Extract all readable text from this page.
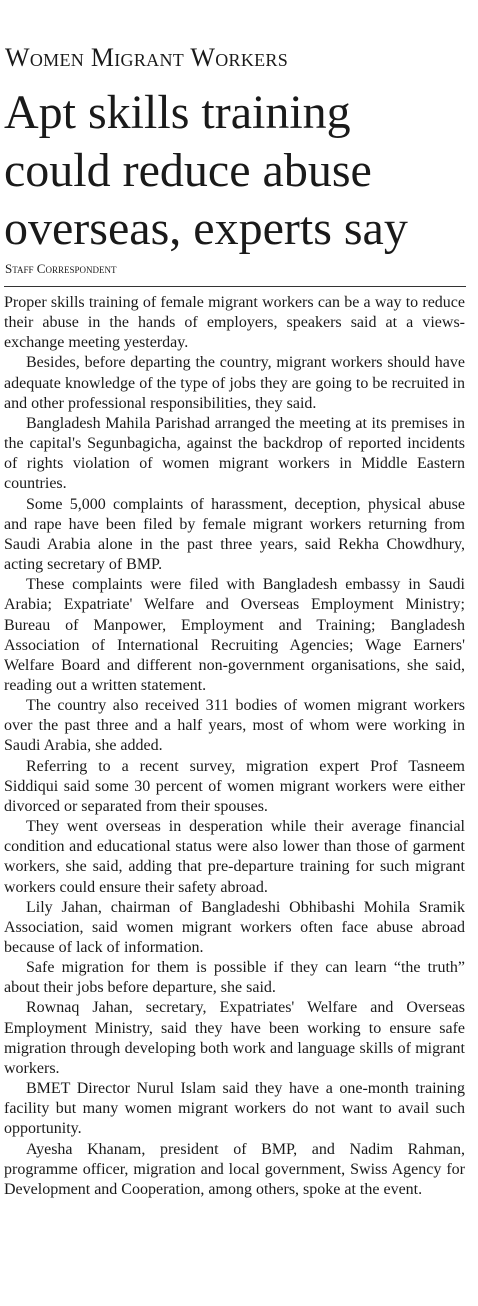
Women Migrant Workers
Apt skills training
could reduce abuse
overseas, experts say
Staff Correspondent

Proper skills training of female migrant workers can be a way to reduce their abuse in the hands of employers, speakers said at a views-exchange meeting yesterday.

Besides, before departing the country, migrant workers should have adequate knowledge of the type of jobs they are going to be recruited in and other professional responsibilities, they said.

Bangladesh Mahila Parishad arranged the meeting at its premises in the capital's Segunbagicha, against the backdrop of reported incidents of rights violation of women migrant workers in Middle Eastern countries.

Some 5,000 complaints of harassment, deception, physical abuse and rape have been filed by female migrant workers returning from Saudi Arabia alone in the past three years, said Rekha Chowdhury, acting secretary of BMP.

These complaints were filed with Bangladesh embassy in Saudi Arabia; Expatriate' Welfare and Overseas Employment Ministry; Bureau of Manpower, Employment and Training; Bangladesh Association of International Recruiting Agencies; Wage Earners' Welfare Board and different non-government organisations, she said, reading out a written statement.

The country also received 311 bodies of women migrant workers over the past three and a half years, most of whom were working in Saudi Arabia, she added.

Referring to a recent survey, migration expert Prof Tasneem Siddiqui said some 30 percent of women migrant workers were either divorced or separated from their spouses.

They went overseas in desperation while their average financial condition and educational status were also lower than those of garment workers, she said, adding that pre-departure training for such migrant workers could ensure their safety abroad.

Lily Jahan, chairman of Bangladeshi Obhibashi Mohila Sramik Association, said women migrant workers often face abuse abroad because of lack of information.

Safe migration for them is possible if they can learn “the truth” about their jobs before departure, she said.

Rownaq Jahan, secretary, Expatriates' Welfare and Overseas Employment Ministry, said they have been working to ensure safe migration through developing both work and language skills of migrant workers.

BMET Director Nurul Islam said they have a one-month training facility but many women migrant workers do not want to avail such opportunity.

Ayesha Khanam, president of BMP, and Nadim Rahman, programme officer, migration and local government, Swiss Agency for Development and Cooperation, among others, spoke at the event.
